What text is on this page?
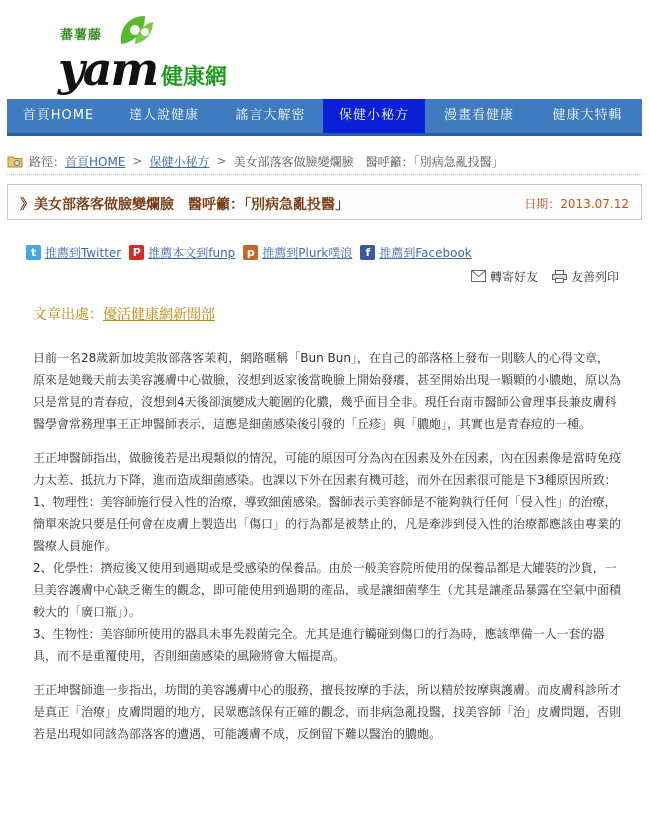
蕃薯藤
yam 健康網
首頁HOME	達人說健康	謠言大解密	保健小秘方	漫畫看健康	健康大特輯
路徑： 首頁HOME > 保健小秘方 > 美女部落客做臉變爛臉　醫呼籲：「別病急亂投醫」
》美女部落客做臉變爛臉　醫呼籲：「別病急亂投醫」	日期：2013.07.12
t 推薦到Twitter	P 推薦本文到funp	p 推薦到Plurk噗浪	f 推薦到Facebook
轉寄好友	友善列印
文章出處：優活健康網新聞部

日前一名28歲新加坡美妝部落客茉莉，網路暱稱「Bun Bun」，在自己的部落格上發布一則駭人的心得文章，
原來是她幾天前去美容護膚中心做臉，沒想到返家後當晚臉上開始發癢，甚至開始出現一顆顆的小膿皰，原以為
只是常見的青春痘，沒想到4天後卻演變成大範圍的化膿，幾乎面目全非。現任台南市醫師公會理事長兼皮膚科
醫學會常務理事王正坤醫師表示，這應是細菌感染後引發的「丘疹」與「膿皰」，其實也是青春痘的一種。

王正坤醫師指出，做臉後若是出現類似的情況，可能的原因可分為內在因素及外在因素，內在因素像是當時免疫
力太差、抵抗力下降，進而造成細菌感染。也課以下外在因素有機可趁，而外在因素很可能是下3種原因所致：
1、物理性：美容師施行侵入性的治療，導致細菌感染。醫師表示美容師是不能夠執行任何「侵入性」的治療，
簡單來說只要是任何會在皮膚上製造出「傷口」的行為都是被禁止的，凡是牽涉到侵入性的治療都應該由專業的
醫療人員施作。
2、化學性：擠痘後又使用到過期或是受感染的保養品。由於一般美容院所使用的保養品都是大罐裝的沙貨，一
旦美容護膚中心缺乏衛生的觀念，即可能使用到過期的產品，或是讓細菌孳生（尤其是讓產品暴露在空氣中面積
較大的「廣口瓶」）。
3、生物性：美容師所使用的器具未事先殺菌完全。尤其是進行觸碰到傷口的行為時，應該準備一人一套的器
具，而不是重覆使用，否則細菌感染的風險將會大幅提高。

王正坤醫師進一步指出，坊間的美容護膚中心的服務，擅長按摩的手法，所以精於按摩與護膚。而皮膚科診所才
是真正「治療」皮膚問題的地方，民眾應該保有正確的觀念，而非病急亂投醫，找美容師「治」皮膚問題，否則
若是出現如同該為部落客的遭遇，可能護膚不成，反倒留下難以醫治的膿皰。
